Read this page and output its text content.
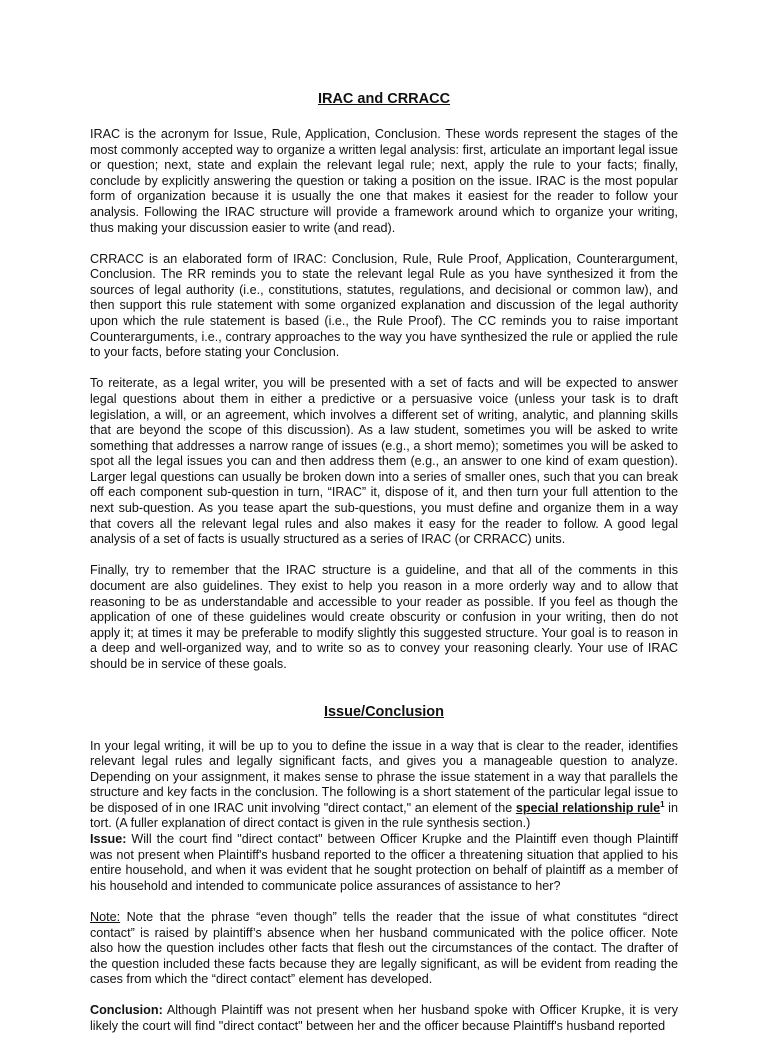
IRAC and CRRACC

IRAC is the acronym for Issue, Rule, Application, Conclusion. These words represent the stages of the most commonly accepted way to organize a written legal analysis: first, articulate an important legal issue or question; next, state and explain the relevant legal rule; next, apply the rule to your facts; finally, conclude by explicitly answering the question or taking a position on the issue. IRAC is the most popular form of organization because it is usually the one that makes it easiest for the reader to follow your analysis. Following the IRAC structure will provide a framework around which to organize your writing, thus making your discussion easier to write (and read).

CRRACC is an elaborated form of IRAC: Conclusion, Rule, Rule Proof, Application, Counterargument, Conclusion. The RR reminds you to state the relevant legal Rule as you have synthesized it from the sources of legal authority (i.e., constitutions, statutes, regulations, and decisional or common law), and then support this rule statement with some organized explanation and discussion of the legal authority upon which the rule statement is based (i.e., the Rule Proof). The CC reminds you to raise important Counterarguments, i.e., contrary approaches to the way you have synthesized the rule or applied the rule to your facts, before stating your Conclusion.

To reiterate, as a legal writer, you will be presented with a set of facts and will be expected to answer legal questions about them in either a predictive or a persuasive voice (unless your task is to draft legislation, a will, or an agreement, which involves a different set of writing, analytic, and planning skills that are beyond the scope of this discussion). As a law student, sometimes you will be asked to write something that addresses a narrow range of issues (e.g., a short memo); sometimes you will be asked to spot all the legal issues you can and then address them (e.g., an answer to one kind of exam question). Larger legal questions can usually be broken down into a series of smaller ones, such that you can break off each component sub-question in turn, “IRAC” it, dispose of it, and then turn your full attention to the next sub-question. As you tease apart the sub-questions, you must define and organize them in a way that covers all the relevant legal rules and also makes it easy for the reader to follow. A good legal analysis of a set of facts is usually structured as a series of IRAC (or CRRACC) units.

Finally, try to remember that the IRAC structure is a guideline, and that all of the comments in this document are also guidelines. They exist to help you reason in a more orderly way and to allow that reasoning to be as understandable and accessible to your reader as possible. If you feel as though the application of one of these guidelines would create obscurity or confusion in your writing, then do not apply it; at times it may be preferable to modify slightly this suggested structure. Your goal is to reason in a deep and well-organized way, and to write so as to convey your reasoning clearly. Your use of IRAC should be in service of these goals.

Issue/Conclusion

In your legal writing, it will be up to you to define the issue in a way that is clear to the reader, identifies relevant legal rules and legally significant facts, and gives you a manageable question to analyze. Depending on your assignment, it makes sense to phrase the issue statement in a way that parallels the structure and key facts in the conclusion. The following is a short statement of the particular legal issue to be disposed of in one IRAC unit involving "direct contact," an element of the special relationship rule$^1$ in tort. (A fuller explanation of direct contact is given in the rule synthesis section.)

Issue: Will the court find "direct contact" between Officer Krupke and the Plaintiff even though Plaintiff was not present when Plaintiff's husband reported to the officer a threatening situation that applied to his entire household, and when it was evident that he sought protection on behalf of plaintiff as a member of his household and intended to communicate police assurances of assistance to her?

Note: Note that the phrase “even though” tells the reader that the issue of what constitutes “direct contact” is raised by plaintiff’s absence when her husband communicated with the police officer. Note also how the question includes other facts that flesh out the circumstances of the contact. The drafter of the question included these facts because they are legally significant, as will be evident from reading the cases from which the “direct contact” element has developed.

Conclusion: Although Plaintiff was not present when her husband spoke with Officer Krupke, it is very likely the court will find "direct contact" between her and the officer because Plaintiff's husband reported
